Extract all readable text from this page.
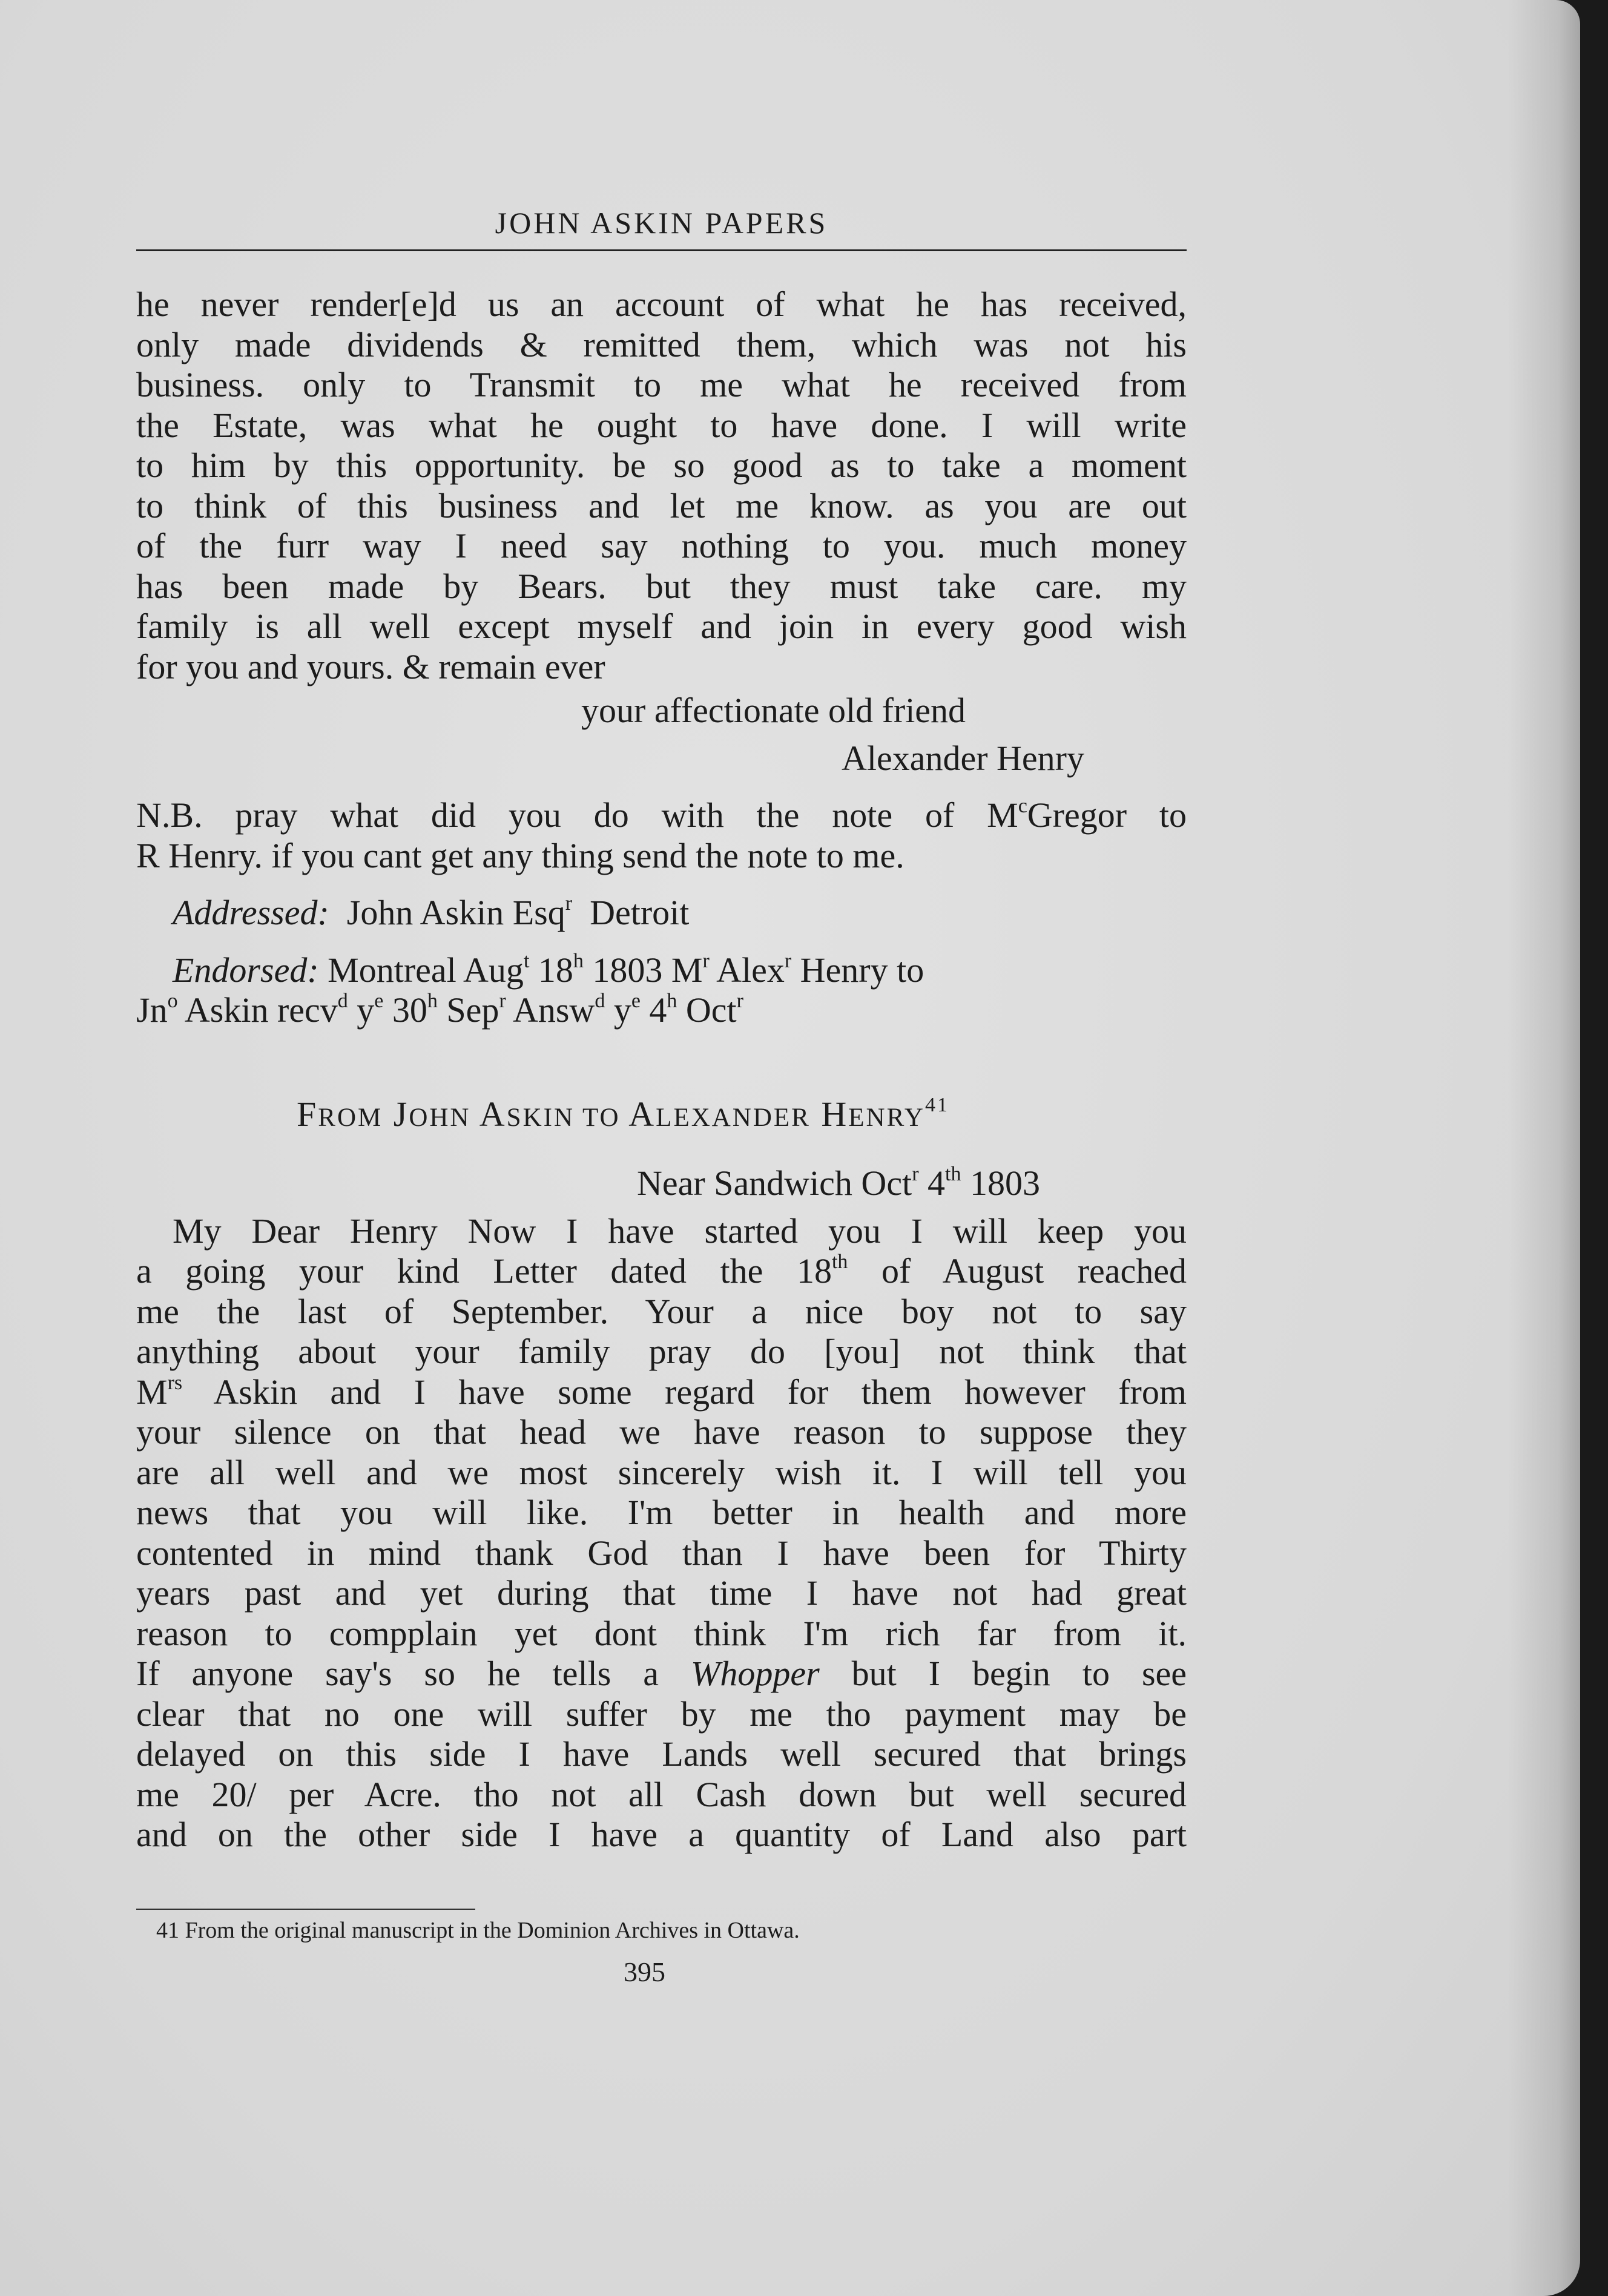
JOHN ASKIN PAPERS
he never render[e]d us an account of what he has received,
only made dividends & remitted them, which was not his
business. only to Transmit to me what he received from
the Estate, was what he ought to have done. I will write
to him by this opportunity. be so good as to take a moment
to think of this business and let me know. as you are out
of the furr way I need say nothing to you. much money
has been made by Bears. but they must take care. my
family is all well except myself and join in every good wish
for you and yours. & remain ever
your affectionate old friend
Alexander Henry
N.B. pray what did you do with the note of $M^cGregor$ to
R Henry. if you cant get any thing send the note to me.
Addressed: John Askin Esq$^r$ Detroit
Endorsed: Montreal Aug$^t$ 18$^h$ 1803 $M^r$ Alex$^r$ Henry to
Jn$^o$ Askin recv$^d$ $y^e$ 30$^h$ Sep$^r$ Answ$^d$ $y^e$ 4$^h$ Oct$^r$
FROM JOHN ASKIN TO ALEXANDER HENRY$^{41}$
Near Sandwich Oct$^r$ 4th 1803
My Dear Henry Now I have started you I will keep you
a going your kind Letter dated the 18th of August reached
me the last of September. Your a nice boy not to say
anything about your family pray do [you] not think that
$M^{rs}$ Askin and I have some regard for them however from
your silence on that head we have reason to suppose they
are all well and we most sincerely wish it. I will tell you
news that you will like. I'm better in health and more
contented in mind thank God than I have been for Thirty
years past and yet during that time I have not had great
reason to compplain yet dont think I'm rich far from it.
If anyone say's so he tells a Whopper but I begin to see
clear that no one will suffer by me tho payment may be
delayed on this side I have Lands well secured that brings
me 20/ per Acre. tho not all Cash down but well secured
and on the other side I have a quantity of Land also part
41 From the original manuscript in the Dominion Archives in Ottawa.
395
